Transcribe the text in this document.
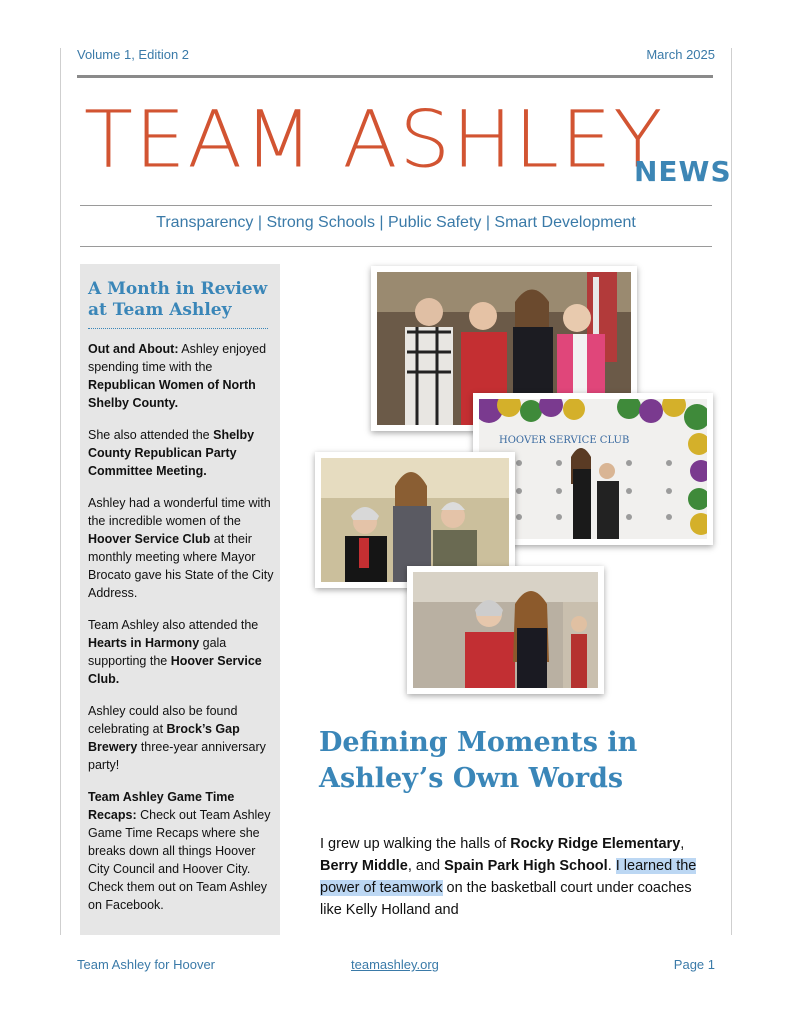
Volume 1, Edition 2	March 2025
TEAM ASHLEY
NEWS
Transparency | Strong Schools | Public Safety | Smart Development
A Month in Review at Team Ashley

Out and About: Ashley enjoyed spending time with the Republican Women of North Shelby County.

She also attended the Shelby County Republican Party Committee Meeting.

Ashley had a wonderful time with the incredible women of the Hoover Service Club at their monthly meeting where Mayor Brocato gave his State of the City Address.

Team Ashley also attended the Hearts in Harmony gala supporting the Hoover Service Club.

Ashley could also be found celebrating at Brock’s Gap Brewery three-year anniversary party!

Team Ashley Game Time Recaps: Check out Team Ashley Game Time Recaps where she breaks down all things Hoover City Council and Hoover City. Check them out on Team Ashley on Facebook.

HOOVER SERVICE CLUB
Defining Moments in Ashley’s Own Words
I grew up walking the halls of Rocky Ridge Elementary, Berry Middle, and Spain Park High School. I learned the power of teamwork on the basketball court under coaches like Kelly Holland and
Team Ashley for Hoover	teamashley.org	Page 1
